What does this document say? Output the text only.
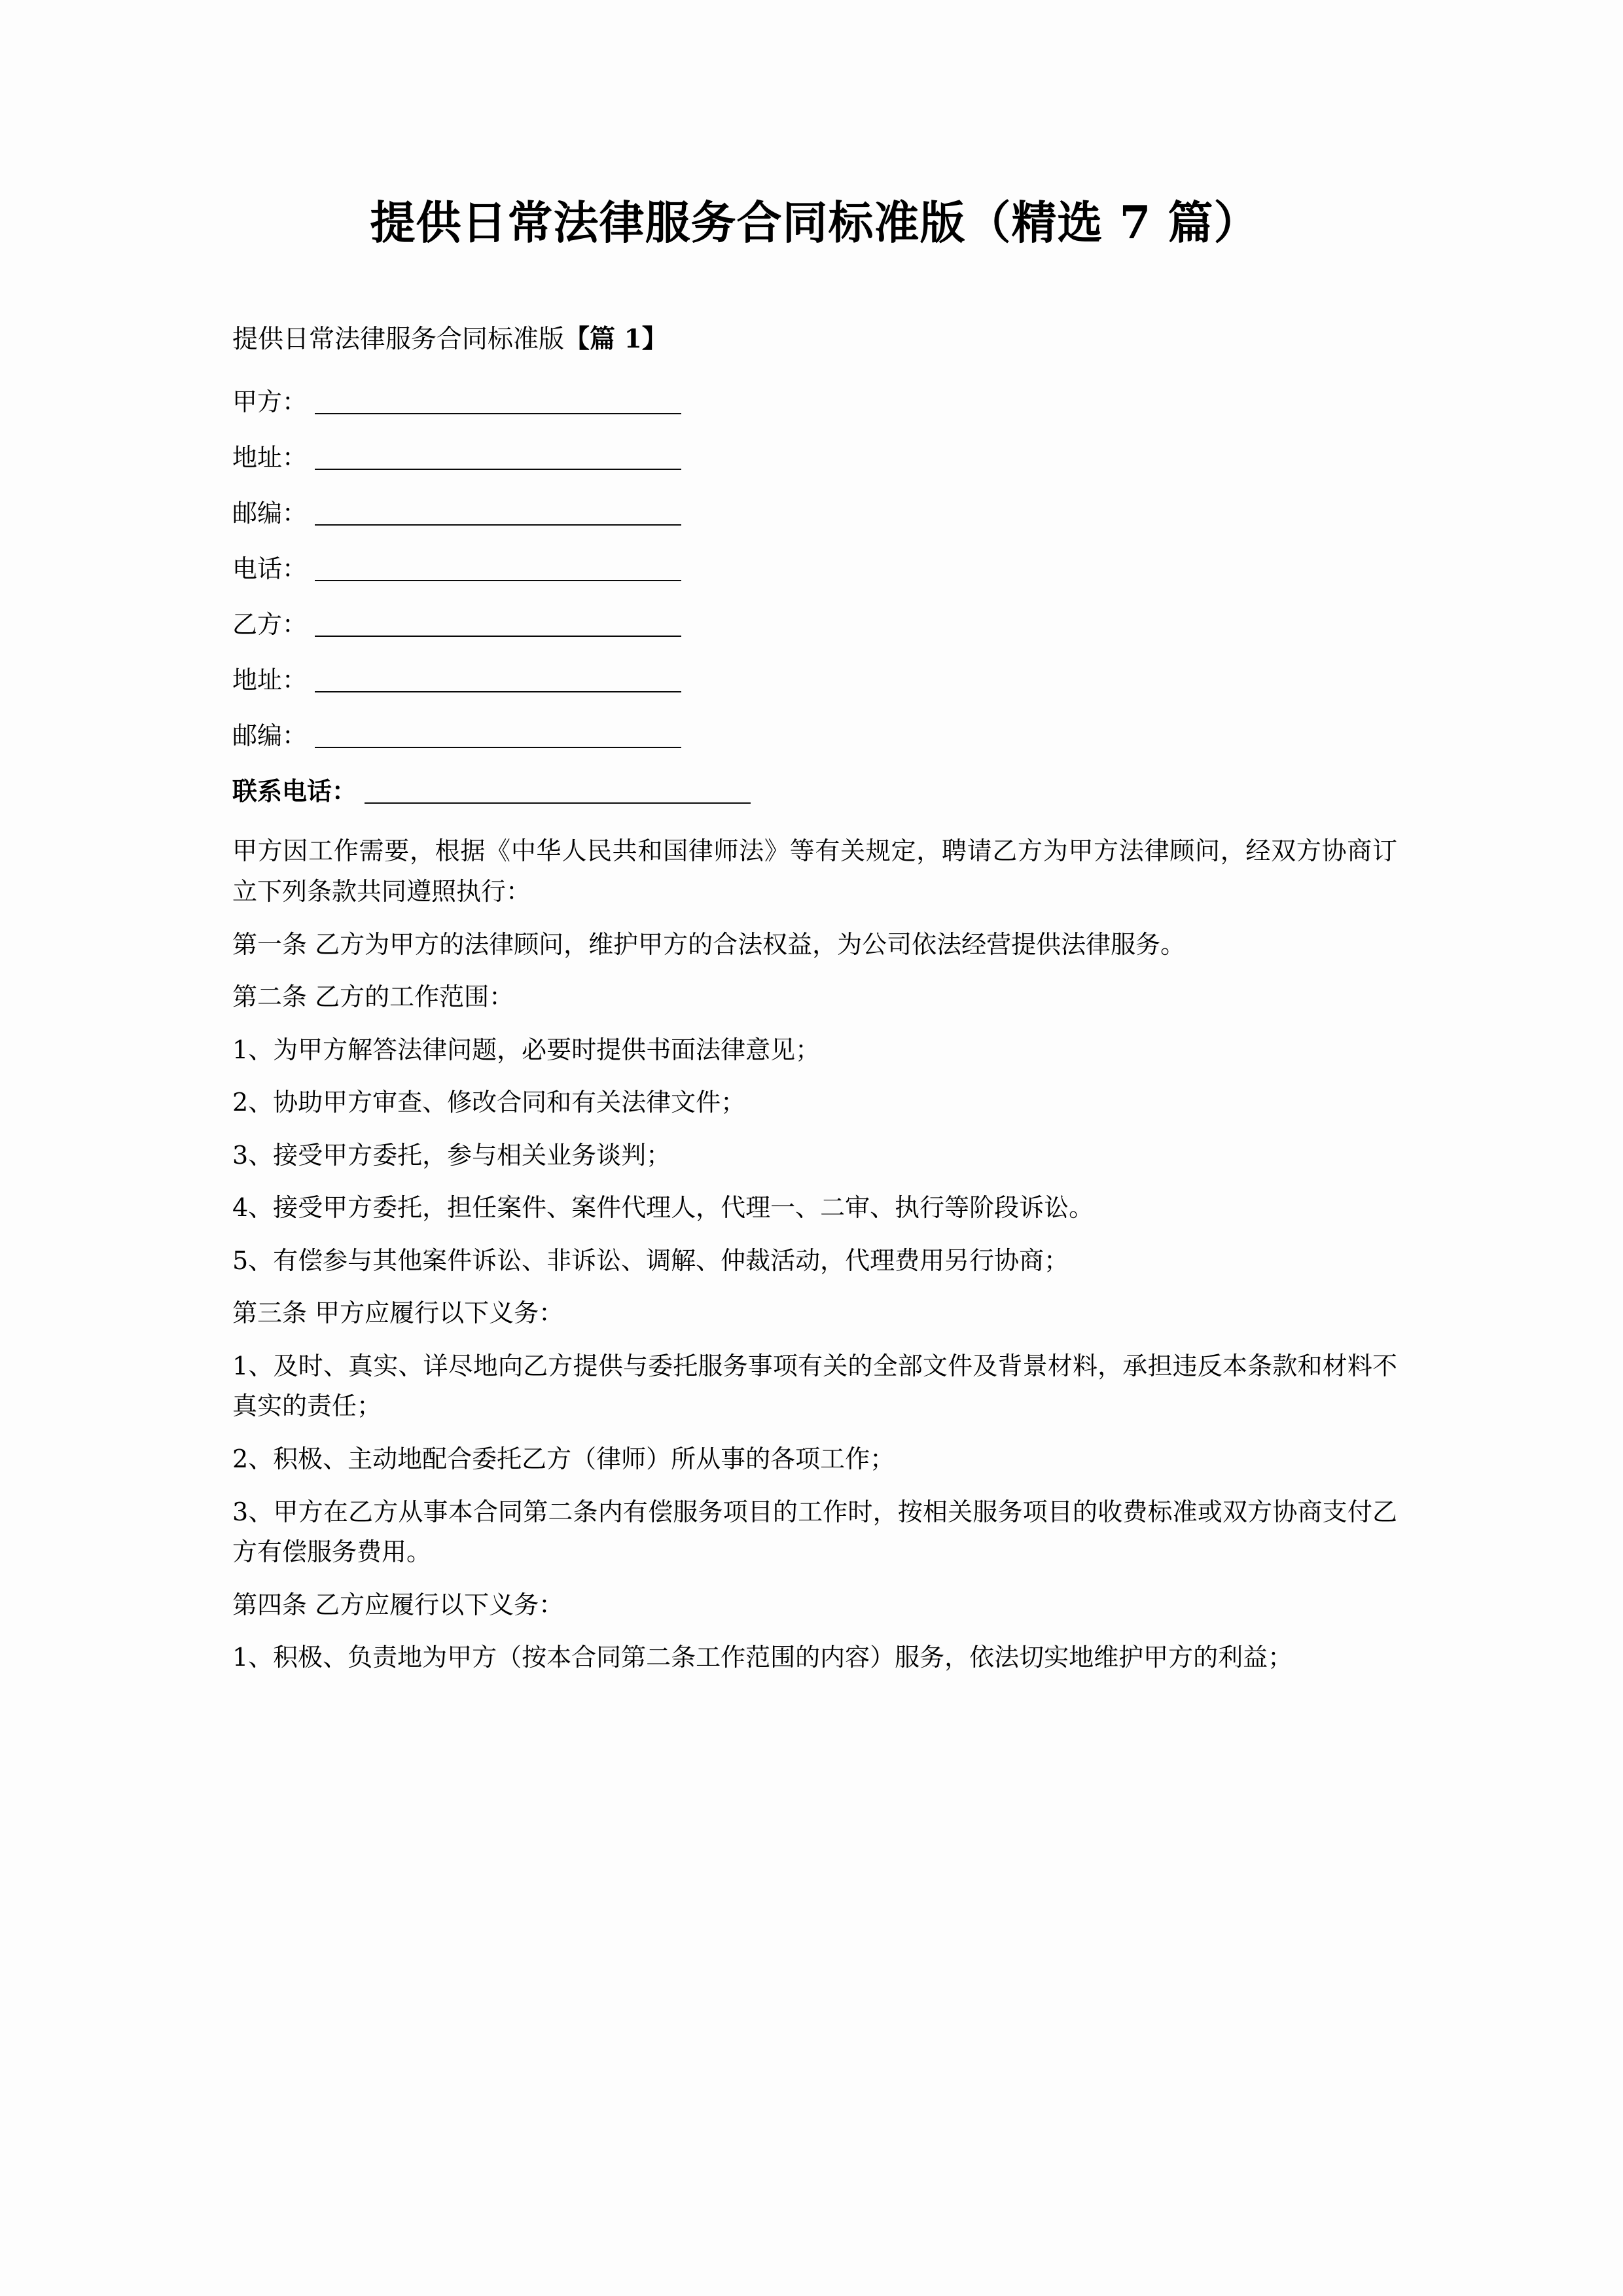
提供日常法律服务合同标准版（精选 7 篇）
提供日常法律服务合同标准版【篇 1】
甲方：
地址：
邮编：
电话：
乙方：
地址：
邮编：
联系电话：

甲方因工作需要，根据《中华人民共和国律师法》等有关规定，聘请乙方为甲方法律顾问，经双方协商订立下列条款共同遵照执行：

第一条 乙方为甲方的法律顾问，维护甲方的合法权益，为公司依法经营提供法律服务。

第二条 乙方的工作范围：

1、为甲方解答法律问题，必要时提供书面法律意见；

2、协助甲方审查、修改合同和有关法律文件；

3、接受甲方委托，参与相关业务谈判；

4、接受甲方委托，担任案件、案件代理人，代理一、二审、执行等阶段诉讼。

5、有偿参与其他案件诉讼、非诉讼、调解、仲裁活动，代理费用另行协商；

第三条 甲方应履行以下义务：

1、及时、真实、详尽地向乙方提供与委托服务事项有关的全部文件及背景材料，承担违反本条款和材料不真实的责任；

2、积极、主动地配合委托乙方（律师）所从事的各项工作；

3、甲方在乙方从事本合同第二条内有偿服务项目的工作时，按相关服务项目的收费标准或双方协商支付乙方有偿服务费用。

第四条 乙方应履行以下义务：

1、积极、负责地为甲方（按本合同第二条工作范围的内容）服务，依法切实地维护甲方的利益；
